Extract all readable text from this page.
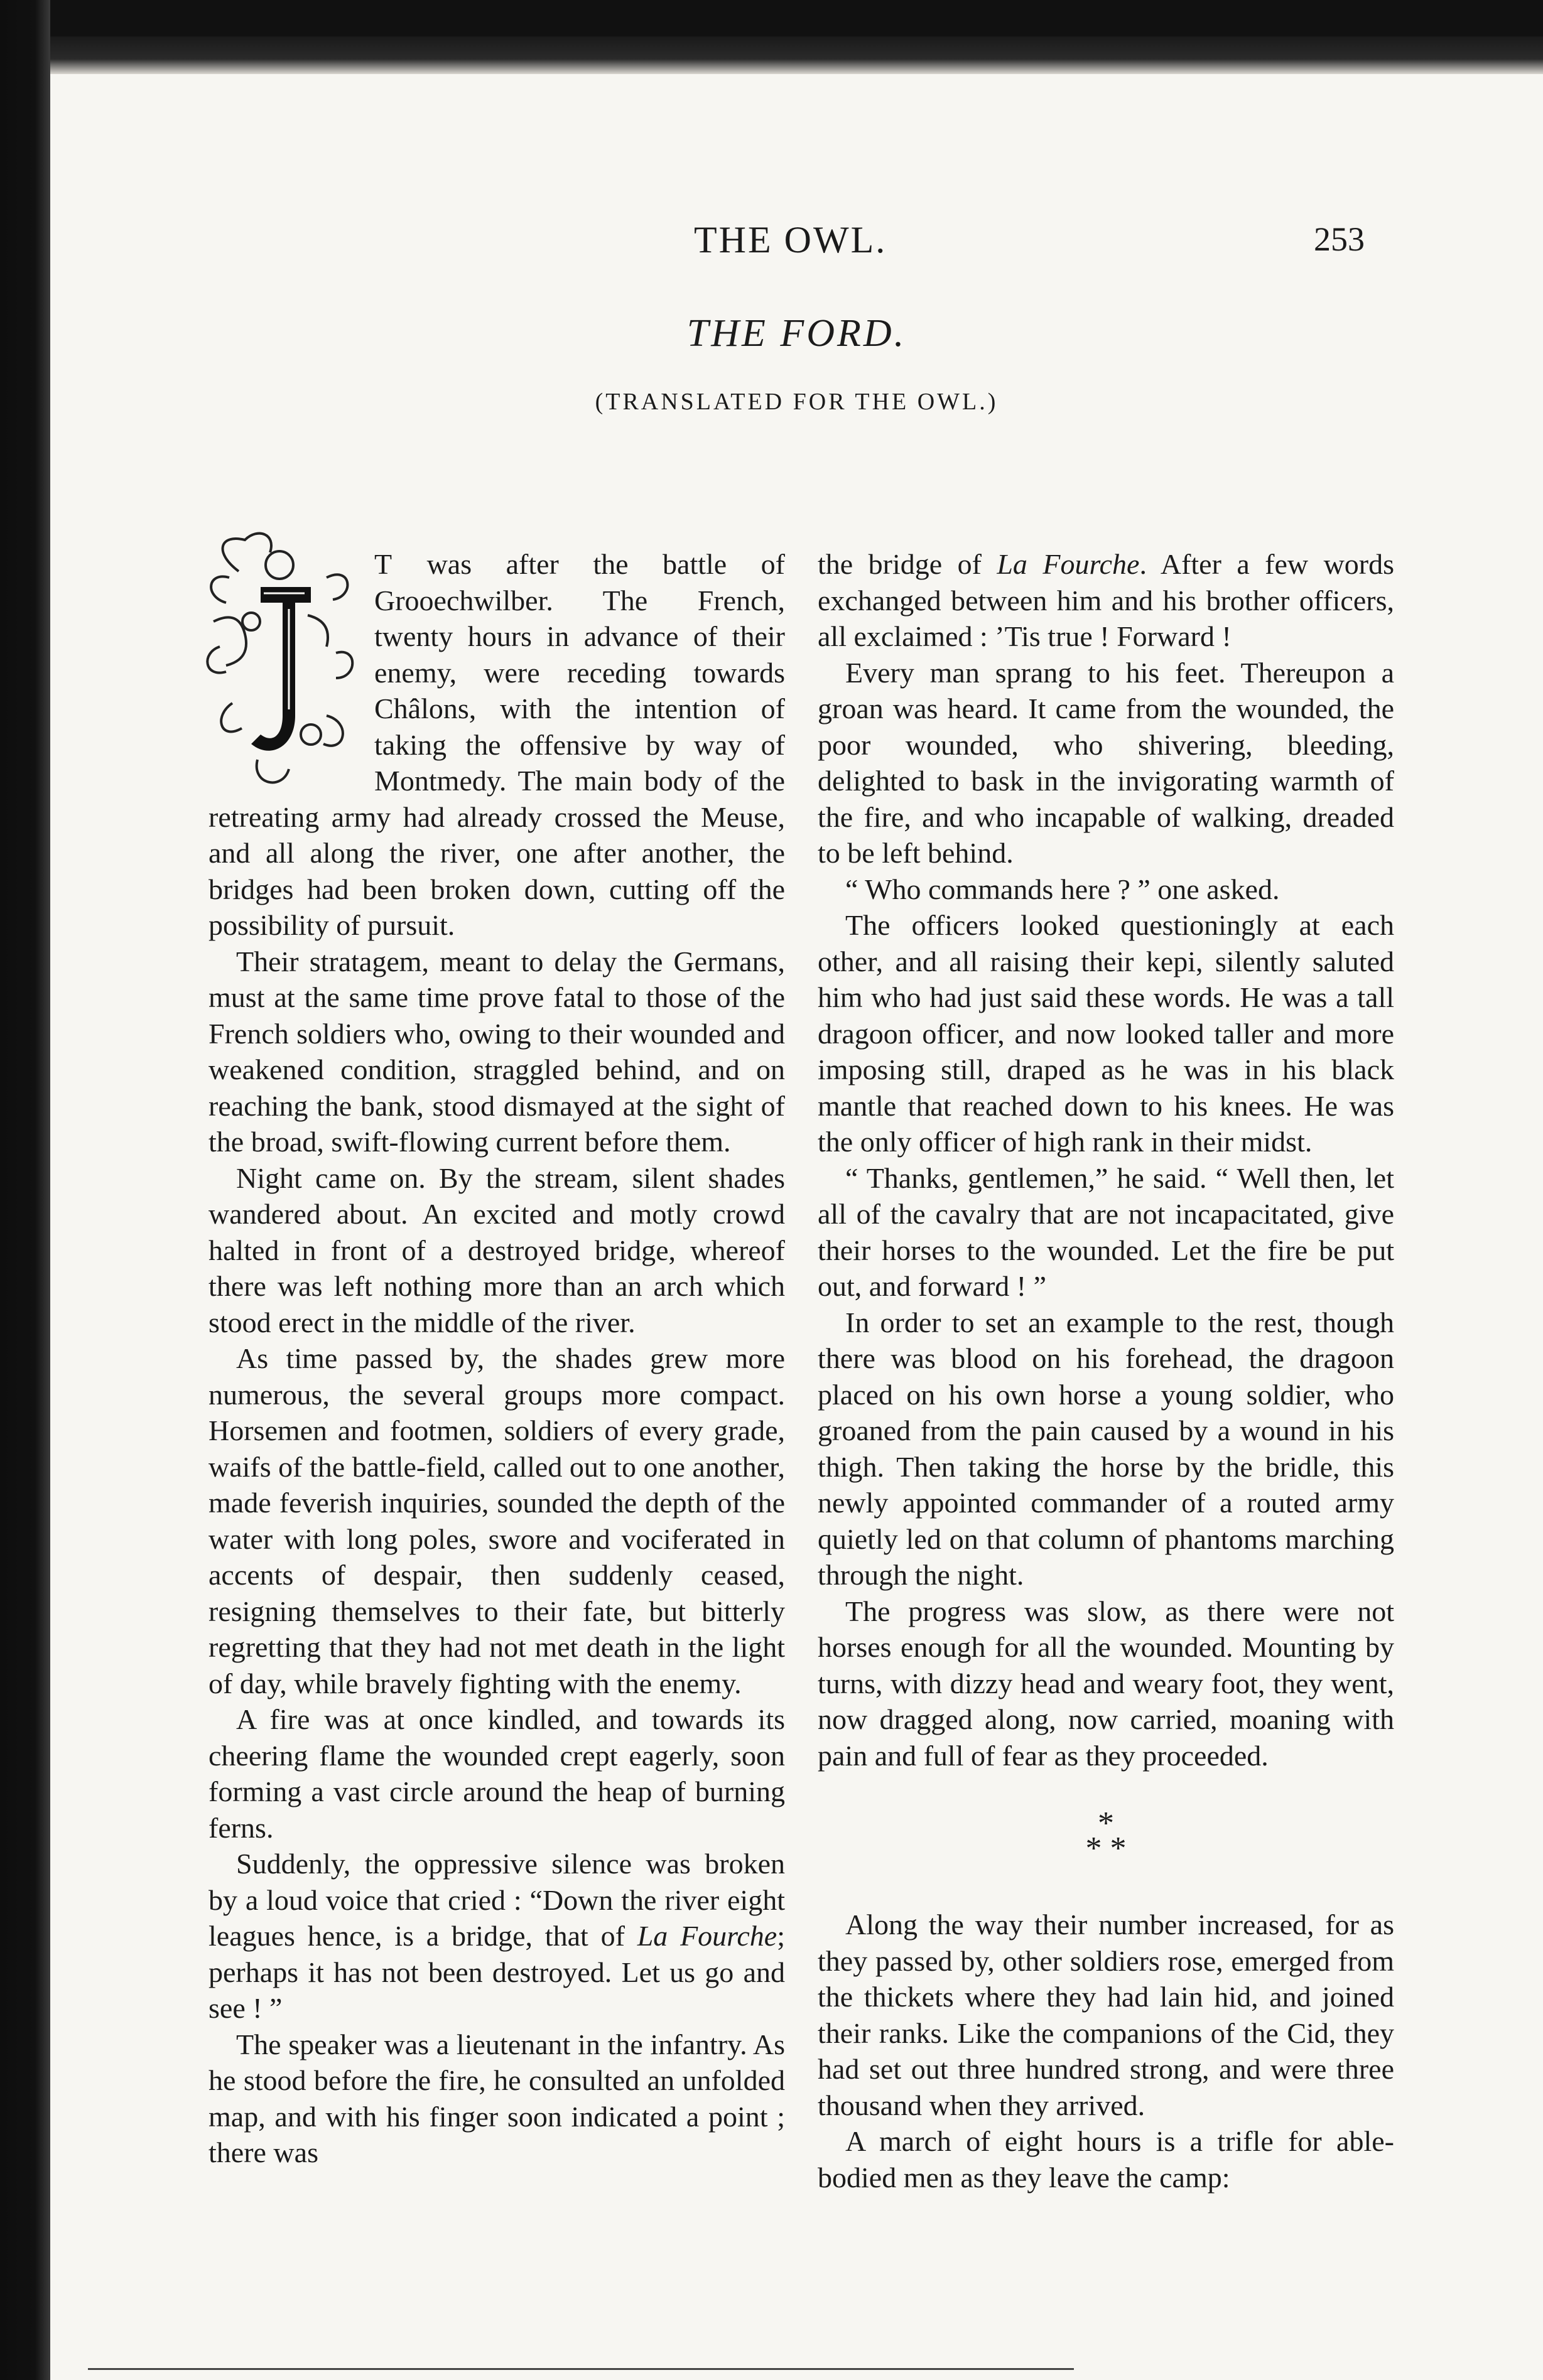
THE OWL.	253
THE FORD.
(TRANSLATED FOR THE OWL.)

T was after the battle of Grooechwilber. The French, twenty hours in advance of their enemy, were receding towards Châlons, with the intention of taking the offensive by way of Montmedy. The main body of the retreating army had already crossed the Meuse, and all along the river, one after another, the bridges had been broken down, cutting off the possibility of pursuit.

Their stratagem, meant to delay the Germans, must at the same time prove fatal to those of the French soldiers who, owing to their wounded and weakened condition, straggled behind, and on reaching the bank, stood dismayed at the sight of the broad, swift-flowing current before them.

Night came on. By the stream, silent shades wandered about. An excited and motly crowd halted in front of a destroyed bridge, whereof there was left nothing more than an arch which stood erect in the middle of the river.

As time passed by, the shades grew more numerous, the several groups more compact. Horsemen and footmen, soldiers of every grade, waifs of the battle-field, called out to one another, made feverish inquiries, sounded the depth of the water with long poles, swore and vociferated in accents of despair, then suddenly ceased, resigning themselves to their fate, but bitterly regretting that they had not met death in the light of day, while bravely fighting with the enemy.

A fire was at once kindled, and towards its cheering flame the wounded crept eagerly, soon forming a vast circle around the heap of burning ferns.

Suddenly, the oppressive silence was broken by a loud voice that cried : “Down the river eight leagues hence, is a bridge, that of La Fourche; perhaps it has not been destroyed. Let us go and see ! ”

The speaker was a lieutenant in the infantry. As he stood before the fire, he consulted an unfolded map, and with his finger soon indicated a point ; there was

the bridge of La Fourche. After a few words exchanged between him and his brother officers, all exclaimed : ’Tis true ! Forward !

Every man sprang to his feet. Thereupon a groan was heard. It came from the wounded, the poor wounded, who shivering, bleeding, delighted to bask in the invigorating warmth of the fire, and who incapable of walking, dreaded to be left behind.

“ Who commands here ? ” one asked.

The officers looked questioningly at each other, and all raising their kepi, silently saluted him who had just said these words. He was a tall dragoon officer, and now looked taller and more imposing still, draped as he was in his black mantle that reached down to his knees. He was the only officer of high rank in their midst.

“ Thanks, gentlemen,” he said. “ Well then, let all of the cavalry that are not incapacitated, give their horses to the wounded. Let the fire be put out, and forward ! ”

In order to set an example to the rest, though there was blood on his forehead, the dragoon placed on his own horse a young soldier, who groaned from the pain caused by a wound in his thigh. Then taking the horse by the bridle, this newly appointed commander of a routed army quietly led on that column of phantoms marching through the night.

The progress was slow, as there were not horses enough for all the wounded. Mounting by turns, with dizzy head and weary foot, they went, now dragged along, now carried, moaning with pain and full of fear as they proceeded.

*
* *

Along the way their number increased, for as they passed by, other soldiers rose, emerged from the thickets where they had lain hid, and joined their ranks. Like the companions of the Cid, they had set out three hundred strong, and were three thousand when they arrived.

A march of eight hours is a trifle for able-bodied men as they leave the camp:
